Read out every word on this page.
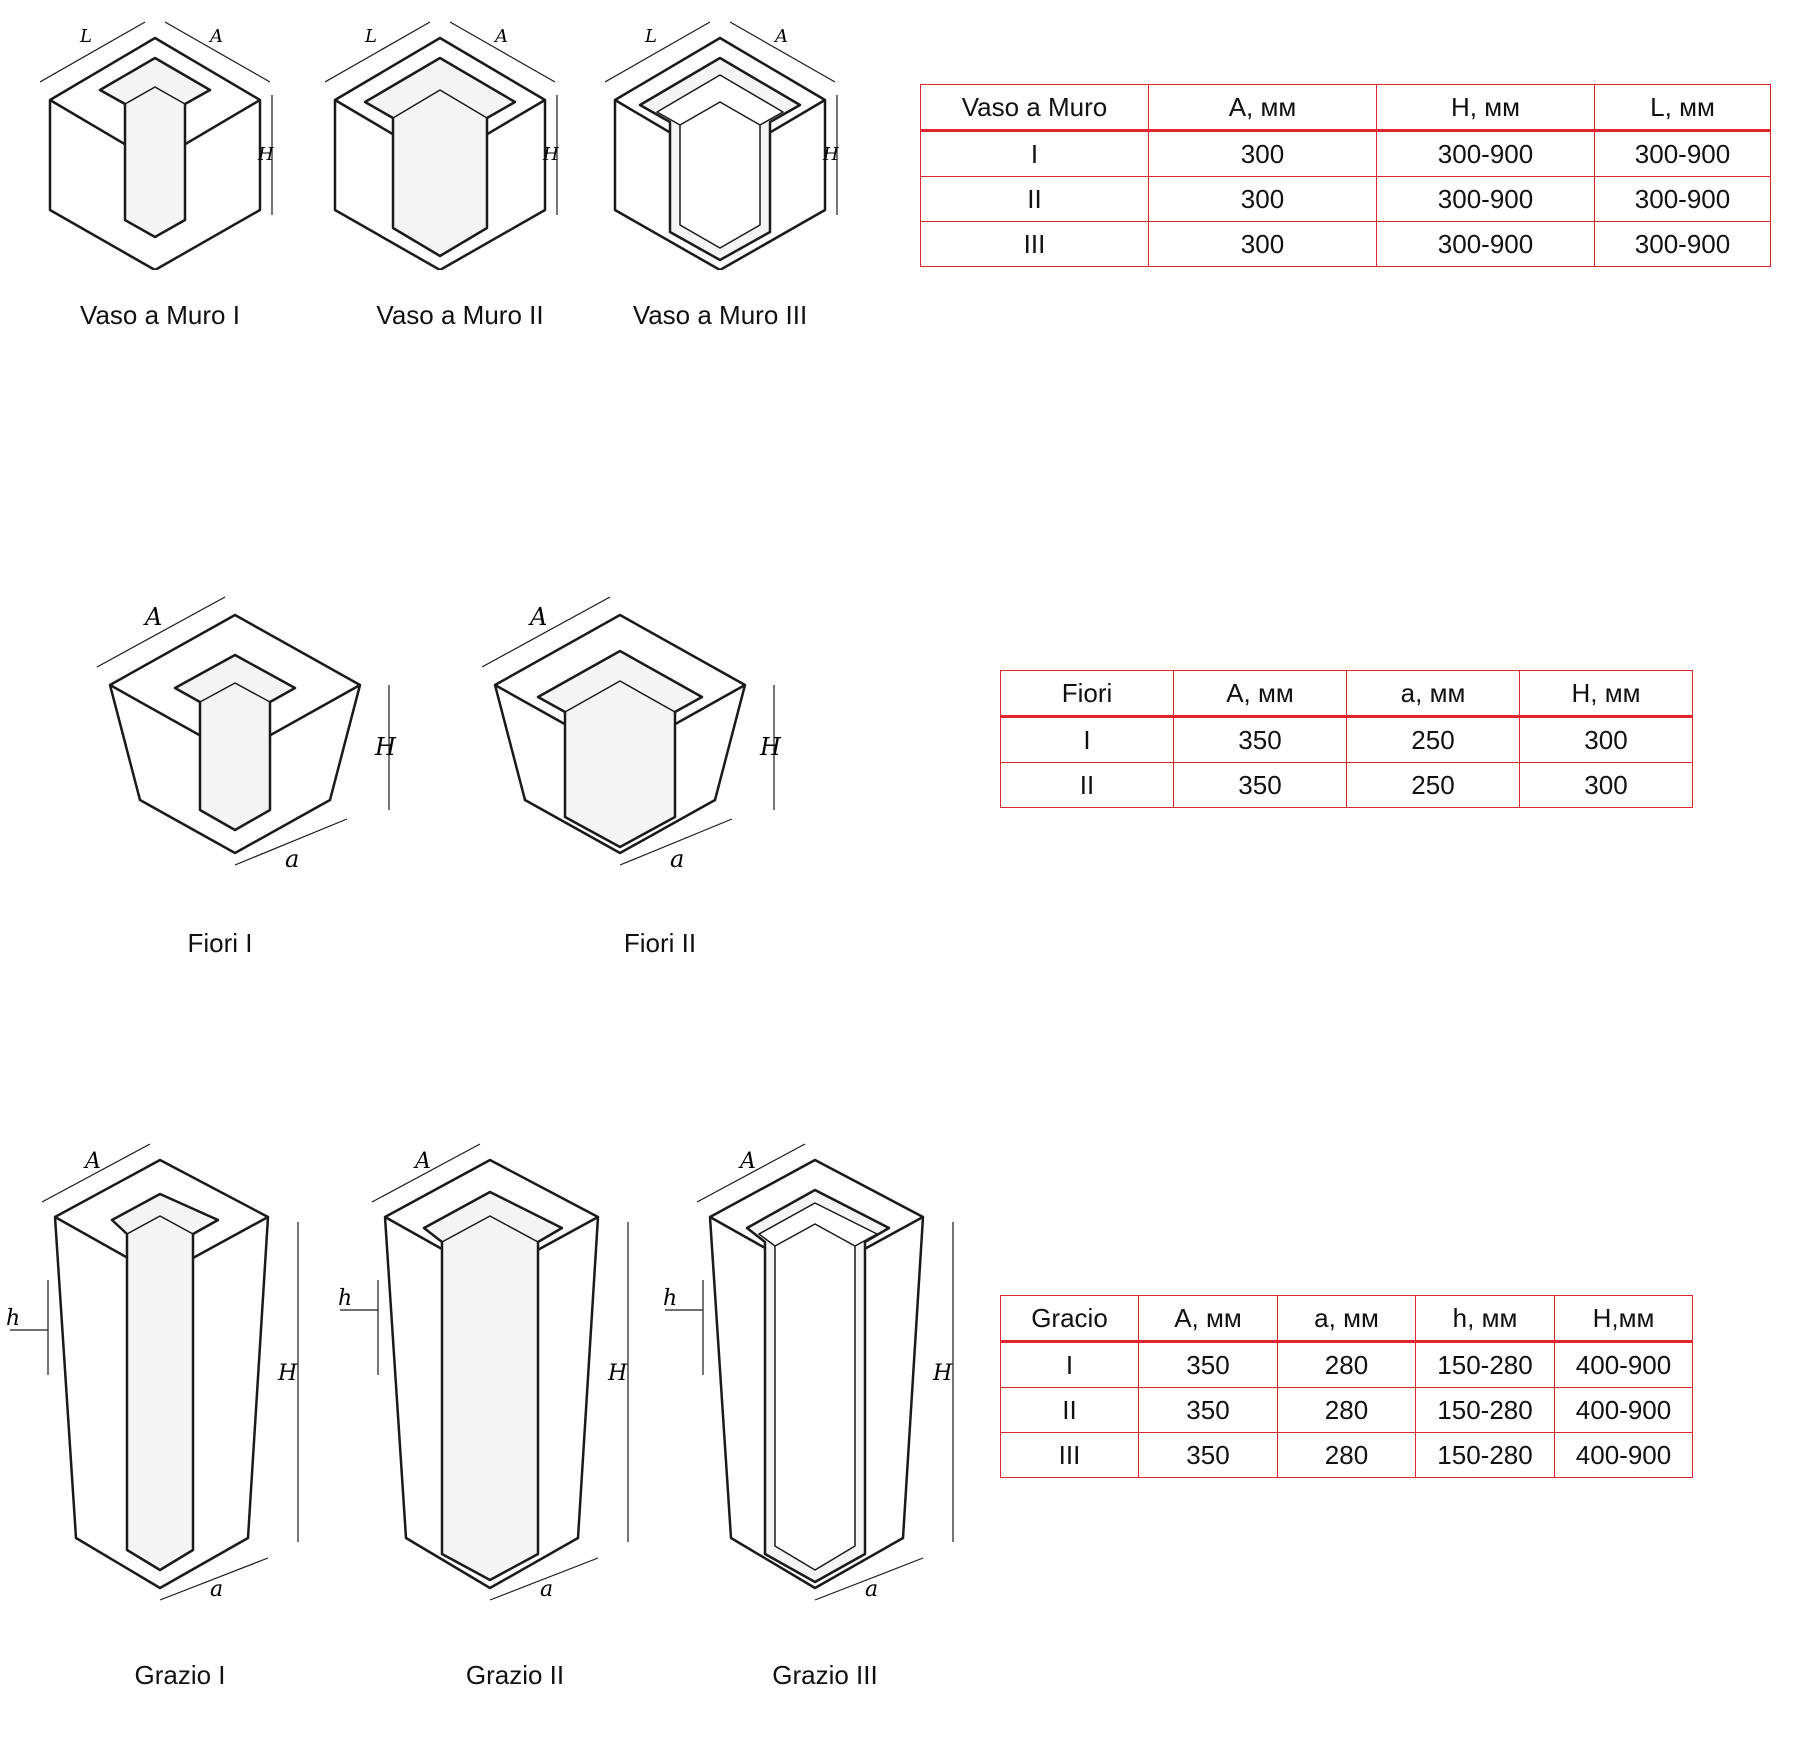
L	A
H
L	A
H
L	A
H
Vaso a Muro I	Vaso a Muro II	Vaso a Muro III
Vaso a Muro	A, мм	H, мм	L, мм
I	300	300-900	300-900
II	300	300-900	300-900
III	300	300-900	300-900
A
H
a
A
H
a
Fiori I	Fiori II
Fiori	A, мм	a, мм	H, мм
I	350	250	300
II	350	250	300
A
H
a
h
A
H
a
h
A
H
a
h
Grazio I	Grazio II	Grazio III
Gracio	A, мм	a, мм	h, мм	H,мм
I	350	280	150-280	400-900
II	350	280	150-280	400-900
III	350	280	150-280	400-900
